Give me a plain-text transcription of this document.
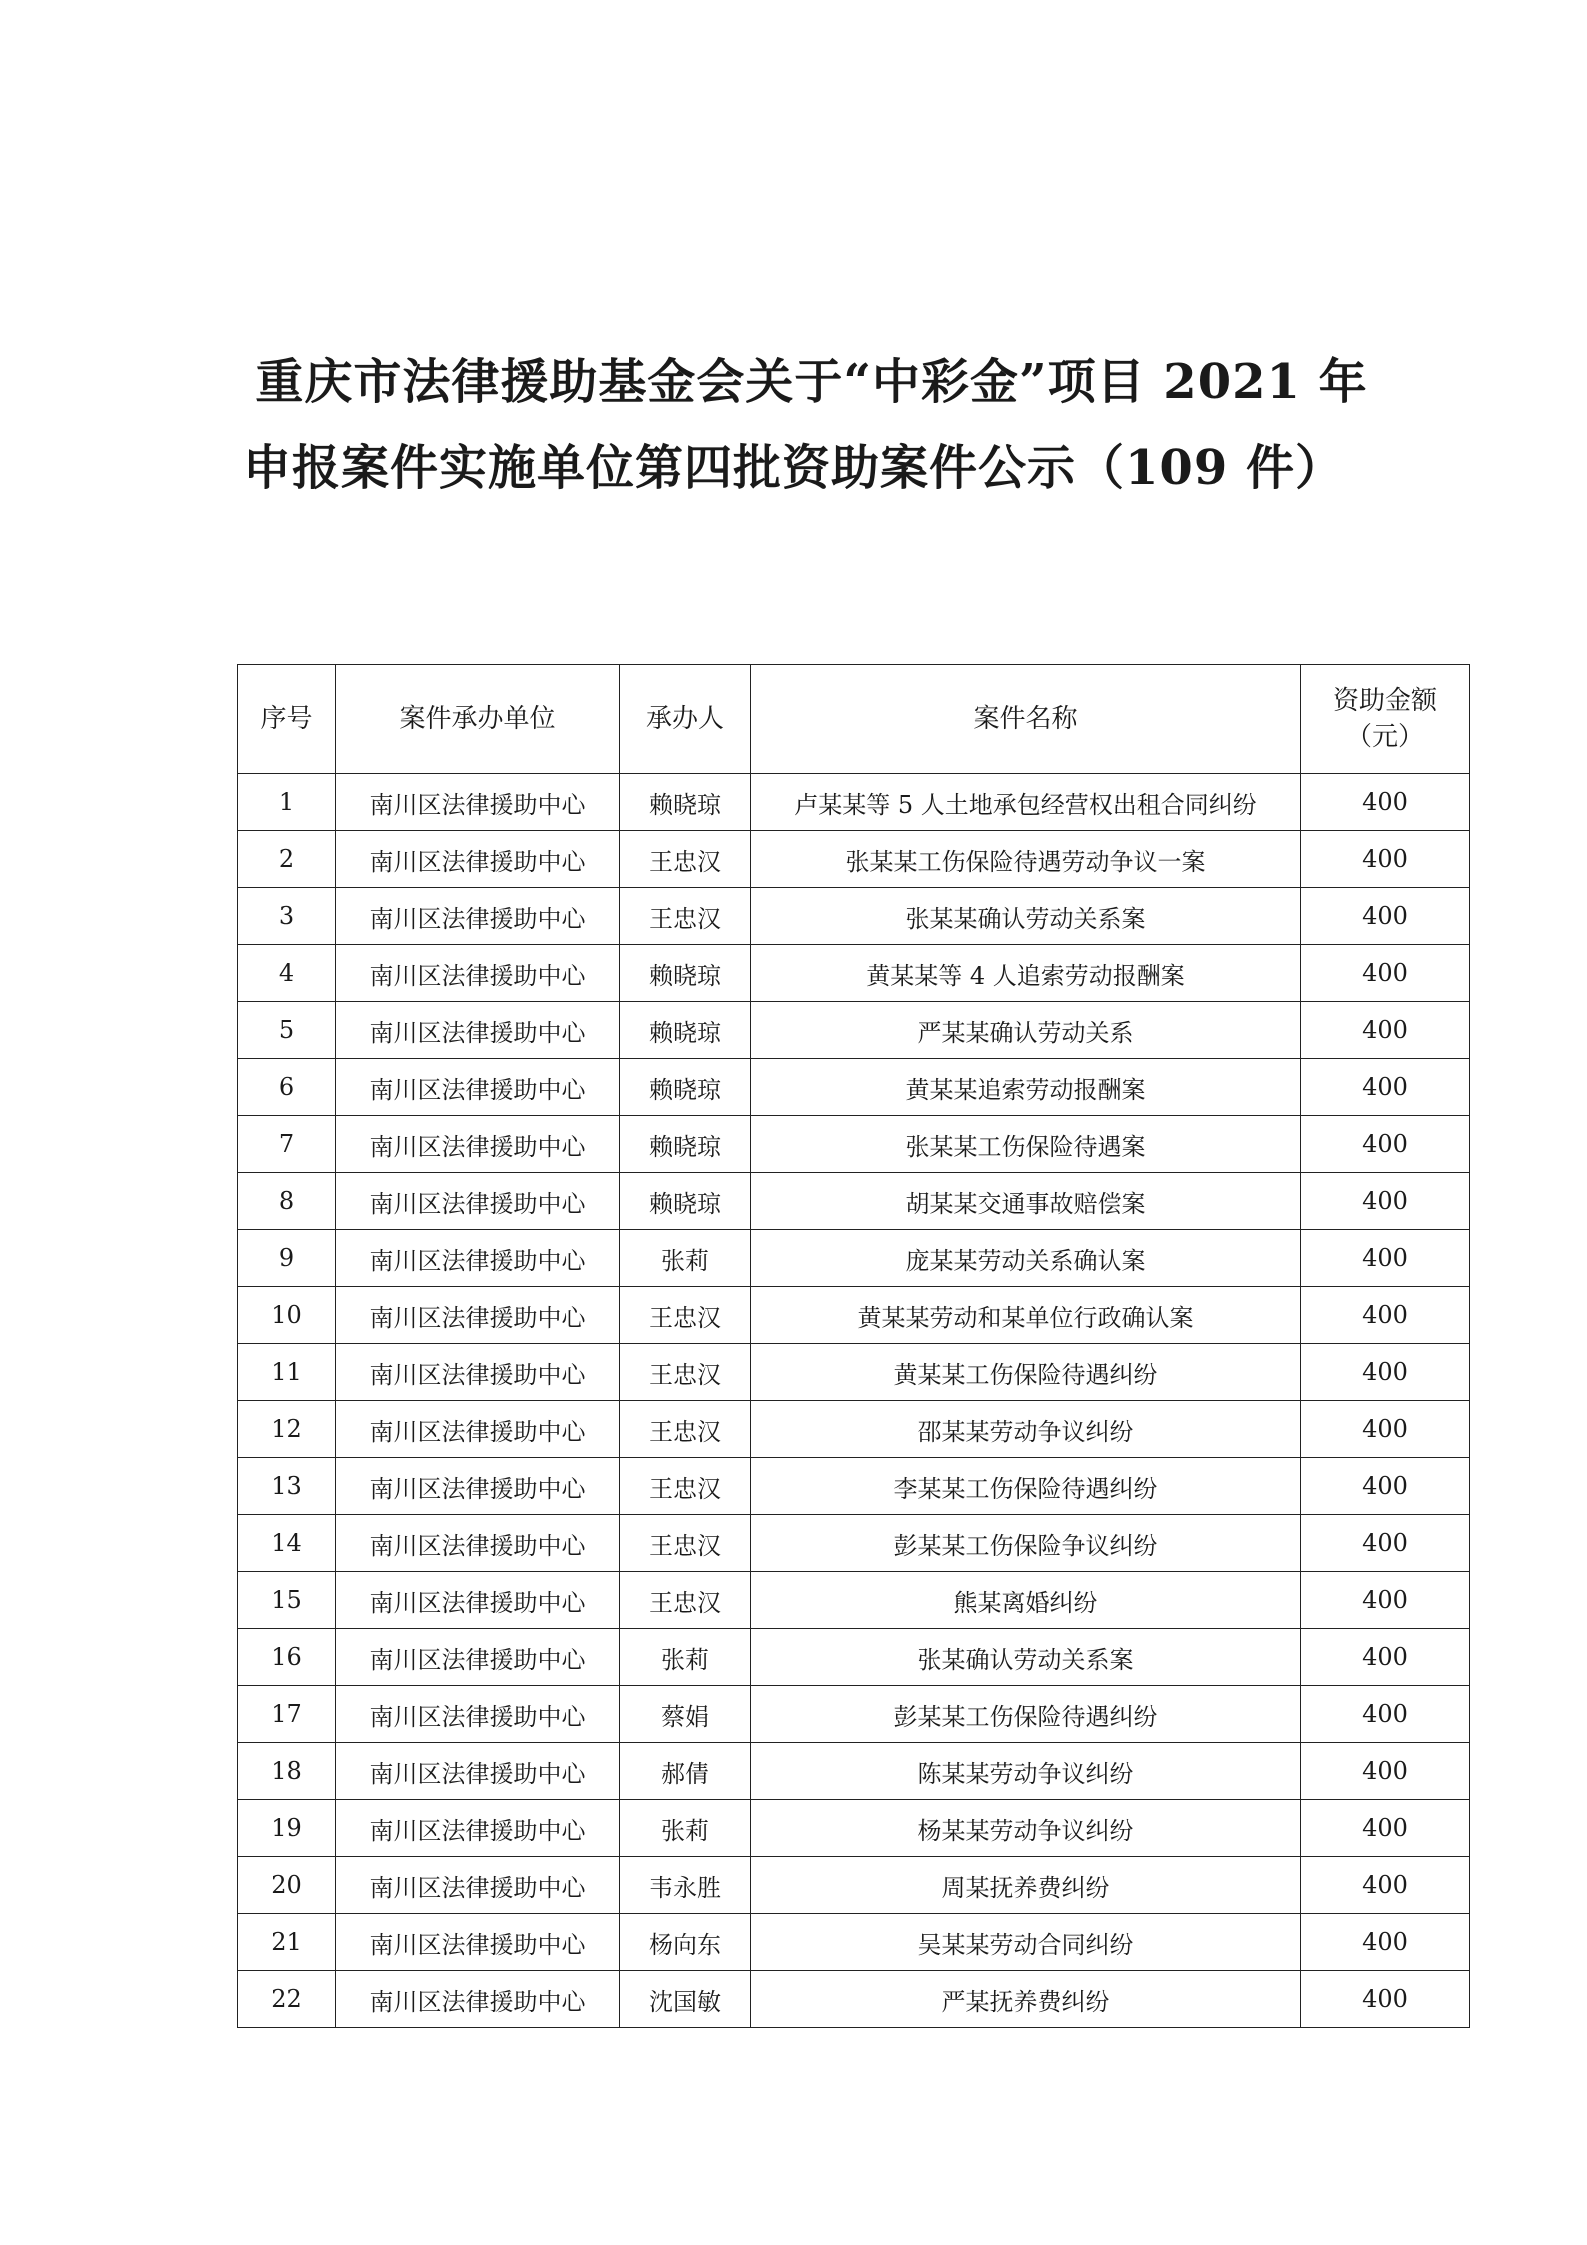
重庆市法律援助基金会关于“中彩金”项目 2021 年
申报案件实施单位第四批资助案件公示（109 件）
序号	案件承办单位	承办人	案件名称	资助金额
（元）

1	南川区法律援助中心	赖晓琼	卢某某等 5 人土地承包经营权出租合同纠纷	400
2	南川区法律援助中心	王忠汉	张某某工伤保险待遇劳动争议一案	400
3	南川区法律援助中心	王忠汉	张某某确认劳动关系案	400
4	南川区法律援助中心	赖晓琼	黄某某等 4 人追索劳动报酬案	400
5	南川区法律援助中心	赖晓琼	严某某确认劳动关系	400
6	南川区法律援助中心	赖晓琼	黄某某追索劳动报酬案	400
7	南川区法律援助中心	赖晓琼	张某某工伤保险待遇案	400
8	南川区法律援助中心	赖晓琼	胡某某交通事故赔偿案	400
9	南川区法律援助中心	张莉	庞某某劳动关系确认案	400
10	南川区法律援助中心	王忠汉	黄某某劳动和某单位行政确认案	400
11	南川区法律援助中心	王忠汉	黄某某工伤保险待遇纠纷	400
12	南川区法律援助中心	王忠汉	邵某某劳动争议纠纷	400
13	南川区法律援助中心	王忠汉	李某某工伤保险待遇纠纷	400
14	南川区法律援助中心	王忠汉	彭某某工伤保险争议纠纷	400
15	南川区法律援助中心	王忠汉	熊某离婚纠纷	400
16	南川区法律援助中心	张莉	张某确认劳动关系案	400
17	南川区法律援助中心	蔡娟	彭某某工伤保险待遇纠纷	400
18	南川区法律援助中心	郝倩	陈某某劳动争议纠纷	400
19	南川区法律援助中心	张莉	杨某某劳动争议纠纷	400
20	南川区法律援助中心	韦永胜	周某抚养费纠纷	400
21	南川区法律援助中心	杨向东	吴某某劳动合同纠纷	400
22	南川区法律援助中心	沈国敏	严某抚养费纠纷	400
